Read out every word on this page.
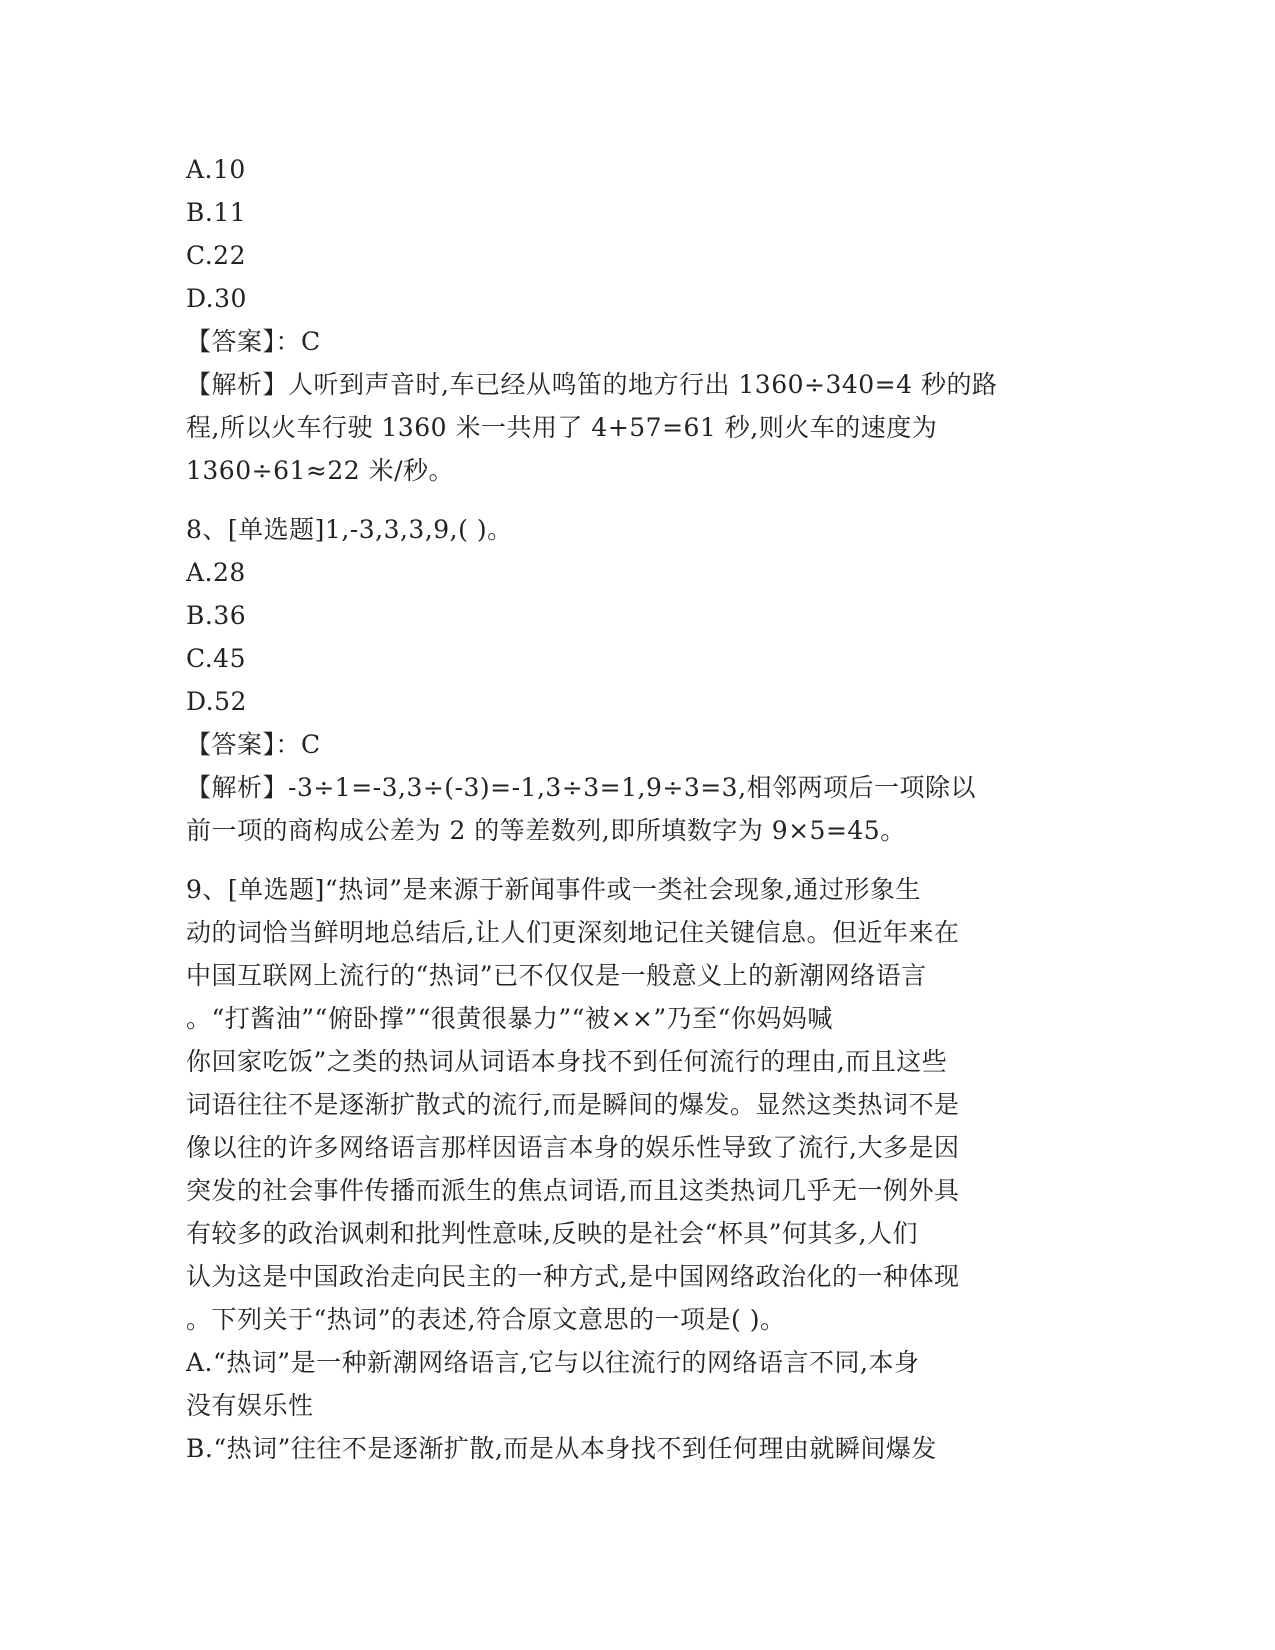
A.10
B.11
C.22
D.30
【答案】：C
【解析】人听到声音时,车已经从鸣笛的地方行出 1360÷340=4 秒的路
程,所以火车行驶 1360 米一共用了 4+57=61 秒,则火车的速度为
1360÷61≈22 米/秒。
8、[单选题]1,-3,3,3,9,( )。
A.28
B.36
C.45
D.52
【答案】：C
【解析】-3÷1=-3,3÷(-3)=-1,3÷3=1,9÷3=3,相邻两项后一项除以
前一项的商构成公差为 2 的等差数列,即所填数字为 9×5=45。
9、[单选题]“热词”是来源于新闻事件或一类社会现象,通过形象生
动的词恰当鲜明地总结后,让人们更深刻地记住关键信息。但近年来在
中国互联网上流行的“热词”已不仅仅是一般意义上的新潮网络语言
。“打酱油”“俯卧撑”“很黄很暴力”“被××”乃至“你妈妈喊
你回家吃饭”之类的热词从词语本身找不到任何流行的理由,而且这些
词语往往不是逐渐扩散式的流行,而是瞬间的爆发。显然这类热词不是
像以往的许多网络语言那样因语言本身的娱乐性导致了流行,大多是因
突发的社会事件传播而派生的焦点词语,而且这类热词几乎无一例外具
有较多的政治讽刺和批判性意味,反映的是社会“杯具”何其多,人们
认为这是中国政治走向民主的一种方式,是中国网络政治化的一种体现
。下列关于“热词”的表述,符合原文意思的一项是( )。
A.“热词”是一种新潮网络语言,它与以往流行的网络语言不同,本身
没有娱乐性
B.“热词”往往不是逐渐扩散,而是从本身找不到任何理由就瞬间爆发
